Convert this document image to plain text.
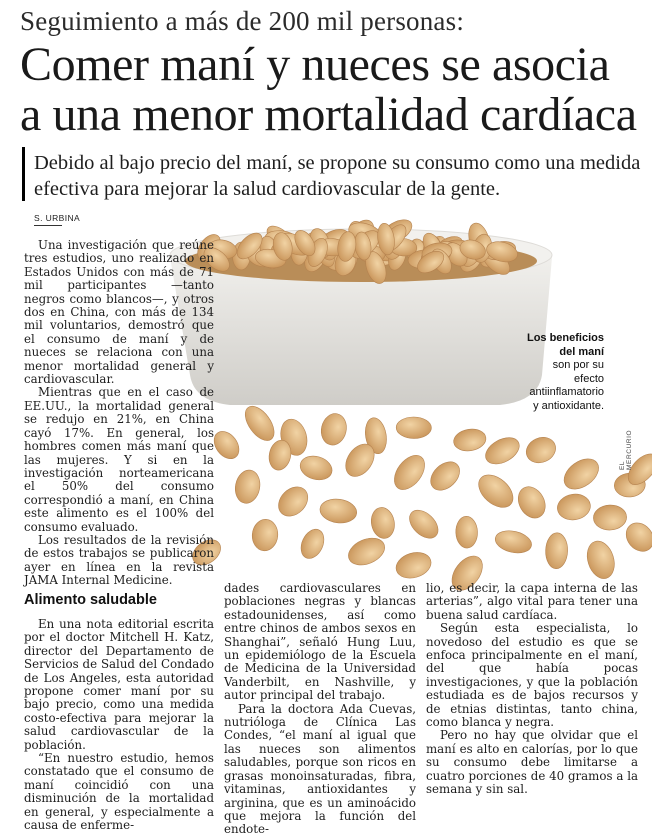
Seguimiento a más de 200 mil personas:
Comer maní y nueces se asocia a una menor mortalidad cardíaca
Debido al bajo precio del maní, se propone su consumo como una medida efectiva para mejorar la salud cardiovascular de la gente.
S. URBINA
Los beneficios del maní
son por su efecto antiinflamatorio y antioxidante.
EL MERCURIO

Una investigación que reúne tres estudios, uno realizado en Estados Unidos con más de 71 mil participantes —tanto negros como blancos—, y otros dos en China, con más de 134 mil voluntarios, demostró que el consumo de maní y de nueces se relaciona con una menor mortalidad general y cardiovascular.

Mientras que en el caso de EE.UU., la mortalidad general se redujo en 21%, en China cayó 17%. En general, los hombres comen más maní que las mujeres. Y si en la investigación norteamericana el 50% del consumo correspondió a maní, en China este alimento es el 100% del consumo evaluado.

Los resultados de la revisión de estos trabajos se publicaron ayer en línea en la revista JAMA Internal Medicine.

Alimento saludable

En una nota editorial escrita por el doctor Mitchell H. Katz, director del Departamento de Servicios de Salud del Condado de Los Angeles, esta autoridad propone comer maní por su bajo precio, como una medida costo-efectiva para mejorar la salud cardiovascular de la población.

“En nuestro estudio, hemos constatado que el consumo de maní coincidió con una disminución de la mortalidad en general, y especialmente a causa de enferme-

dades cardiovasculares en poblaciones negras y blancas estadounidenses, así como entre chinos de ambos sexos en Shanghai”, señaló Hung Luu, un epidemiólogo de la Escuela de Medicina de la Universidad Vanderbilt, en Nashville, y autor principal del trabajo.

Para la doctora Ada Cuevas, nutrióloga de Clínica Las Condes, “el maní al igual que las nueces son alimentos saludables, porque son ricos en grasas monoinsaturadas, fibra, vitaminas, antioxidantes y arginina, que es un aminoácido que mejora la función del endote-

lio, es decir, la capa interna de las arterias”, algo vital para tener una buena salud cardíaca.

Según esta especialista, lo novedoso del estudio es que se enfoca principalmente en el maní, del que había pocas investigaciones, y que la población estudiada es de bajos recursos y de etnias distintas, tanto china, como blanca y negra.

Pero no hay que olvidar que el maní es alto en calorías, por lo que su consumo debe limitarse a cuatro porciones de 40 gramos a la semana y sin sal.
